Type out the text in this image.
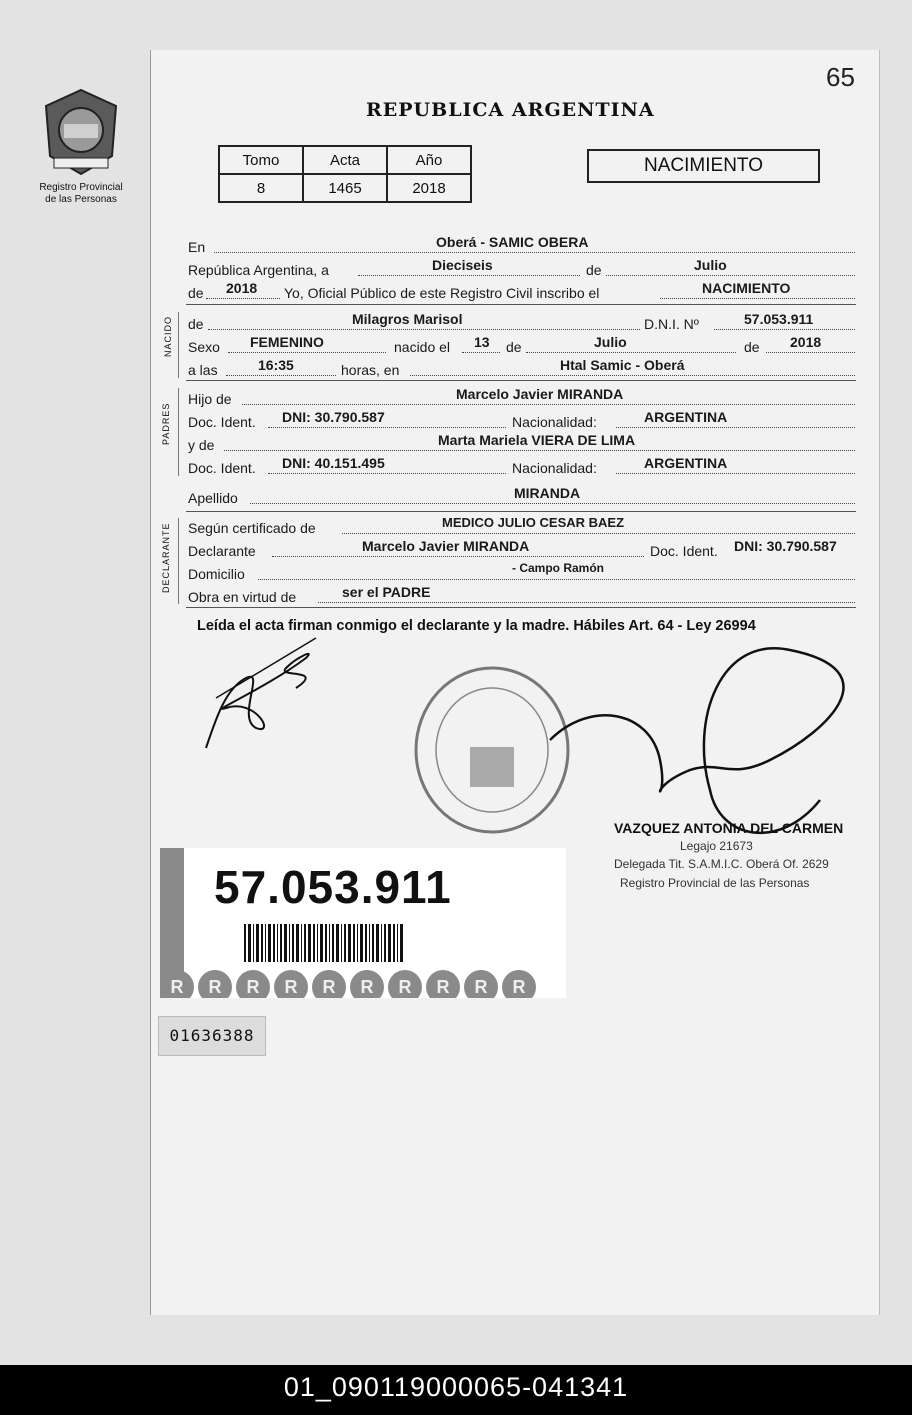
Registro Provincial
de las Personas
65
REPUBLICA ARGENTINA
Tomo	Acta	Año
8	1465	2018
NACIMIENTO
En	Oberá - SAMIC OBERA
República Argentina, a	Dieciseis	de	Julio
de 2018 Yo, Oficial Público de este Registro Civil inscribo el	NACIMIENTO
NACIDO de	Milagros Marisol	D.N.I. Nº	57.053.911
Sexo FEMENINO	nacido el 13 de	Julio	de 2018
a las	16:35	horas, en	Htal Samic - Oberá
PADRES
Hijo de	Marcelo Javier MIRANDA
Doc. Ident. DNI: 30.790.587	Nacionalidad:	ARGENTINA
y de	Marta Mariela VIERA DE LIMA
Doc. Ident. DNI: 40.151.495	Nacionalidad:	ARGENTINA
Apellido	MIRANDA
DECLARANTE Según certificado de	MEDICO JULIO CESAR BAEZ
Declarante	Marcelo Javier MIRANDA	Doc. Ident. DNI: 30.790.587
Domicilio	- Campo Ramón
Obra en virtud de	ser el PADRE
Leída el acta firman conmigo el declarante y la madre. Hábiles Art. 64 - Ley 26994
VAZQUEZ ANTONIA DEL CARMEN
Legajo 21673
Delegada Tit. S.A.M.I.C. Oberá Of. 2629
Registro Provincial de las Personas
57.053.911
R	R	R	R	R	R	R	R	R	R
01636388
01_090119000065-041341
